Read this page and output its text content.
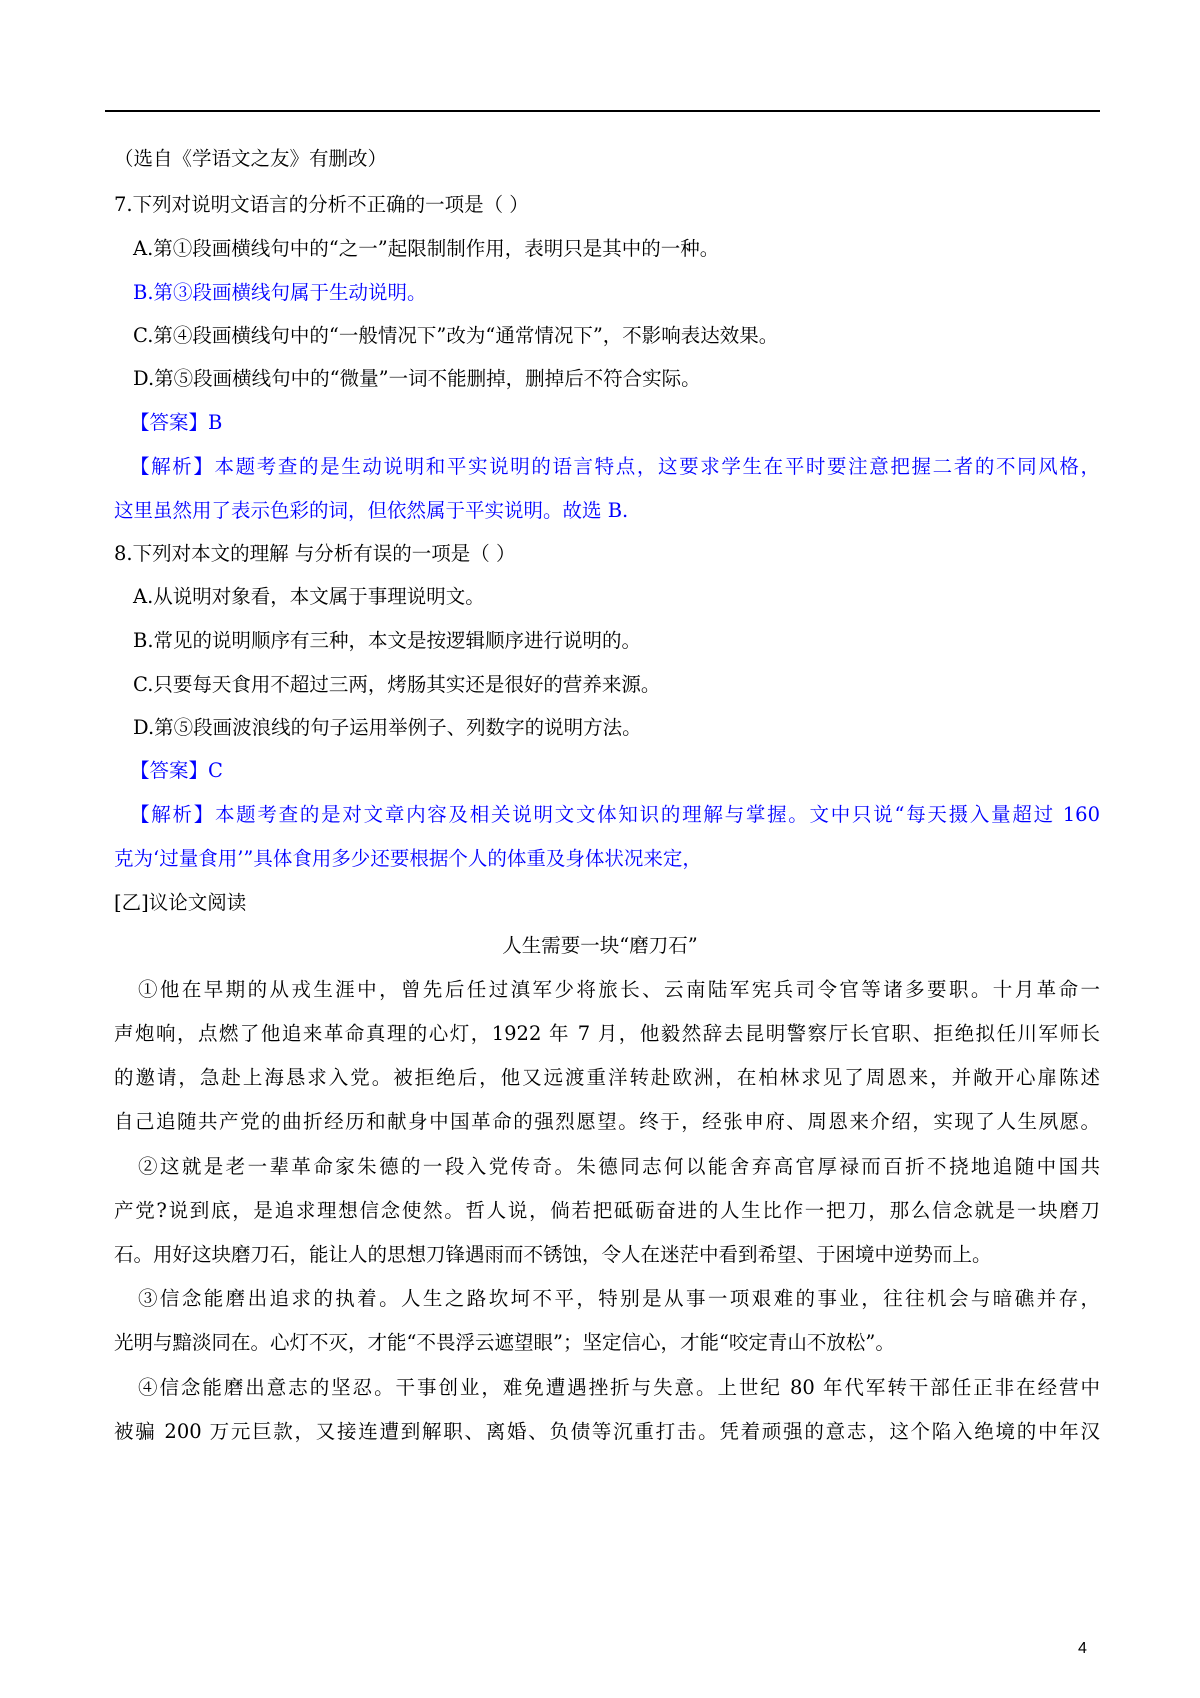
（选自《学语文之友》有删改）
7.下列对说明文语言的分析不正确的一项是（ ）
A.第①段画横线句中的“之一”起限制制作用，表明只是其中的一种。
B.第③段画横线句属于生动说明。
C.第④段画横线句中的“一般情况下”改为“通常情况下”，不影响表达效果。
D.第⑤段画横线句中的“微量”一词不能删掉，删掉后不符合实际。
【答案】B
【解析】本题考查的是生动说明和平实说明的语言特点，这要求学生在平时要注意把握二者的不同风格，
这里虽然用了表示色彩的词，但依然属于平实说明。故选 B.
8.下列对本文的理解 与分析有误的一项是（ ）
A.从说明对象看，本文属于事理说明文。
B.常见的说明顺序有三种，本文是按逻辑顺序进行说明的。
C.只要每天食用不超过三两，烤肠其实还是很好的营养来源。
D.第⑤段画波浪线的句子运用举例子、列数字的说明方法。
【答案】C
【解析】本题考查的是对文章内容及相关说明文文体知识的理解与掌握。文中只说“每天摄入量超过 160
克为‘过量食用’”具体食用多少还要根据个人的体重及身体状况来定，
[乙]议论文阅读
人生需要一块“磨刀石”
①他在早期的从戎生涯中，曾先后任过滇军少将旅长、云南陆军宪兵司令官等诸多要职。十月革命一
声炮响，点燃了他追来革命真理的心灯，1922 年 7 月，他毅然辞去昆明警察厅长官职、拒绝拟任川军师长
的邀请，急赴上海恳求入党。被拒绝后，他又远渡重洋转赴欧洲，在柏林求见了周恩来，并敞开心扉陈述
自己追随共产党的曲折经历和献身中国革命的强烈愿望。终于，经张申府、周恩来介绍，实现了人生夙愿。
②这就是老一辈革命家朱德的一段入党传奇。朱德同志何以能舍弃高官厚禄而百折不挠地追随中国共
产党?说到底，是追求理想信念使然。哲人说，倘若把砥砺奋进的人生比作一把刀，那么信念就是一块磨刀
石。用好这块磨刀石，能让人的思想刀锋遇雨而不锈蚀，令人在迷茫中看到希望、于困境中逆势而上。
③信念能磨出追求的执着。人生之路坎坷不平，特别是从事一项艰难的事业，往往机会与暗礁并存，
光明与黯淡同在。心灯不灭，才能“不畏浮云遮望眼”；坚定信心，才能“咬定青山不放松”。
④信念能磨出意志的坚忍。干事创业，难免遭遇挫折与失意。上世纪 80 年代军转干部任正非在经营中
被骗 200 万元巨款，又接连遭到解职、离婚、负债等沉重打击。凭着顽强的意志，这个陷入绝境的中年汉
4
